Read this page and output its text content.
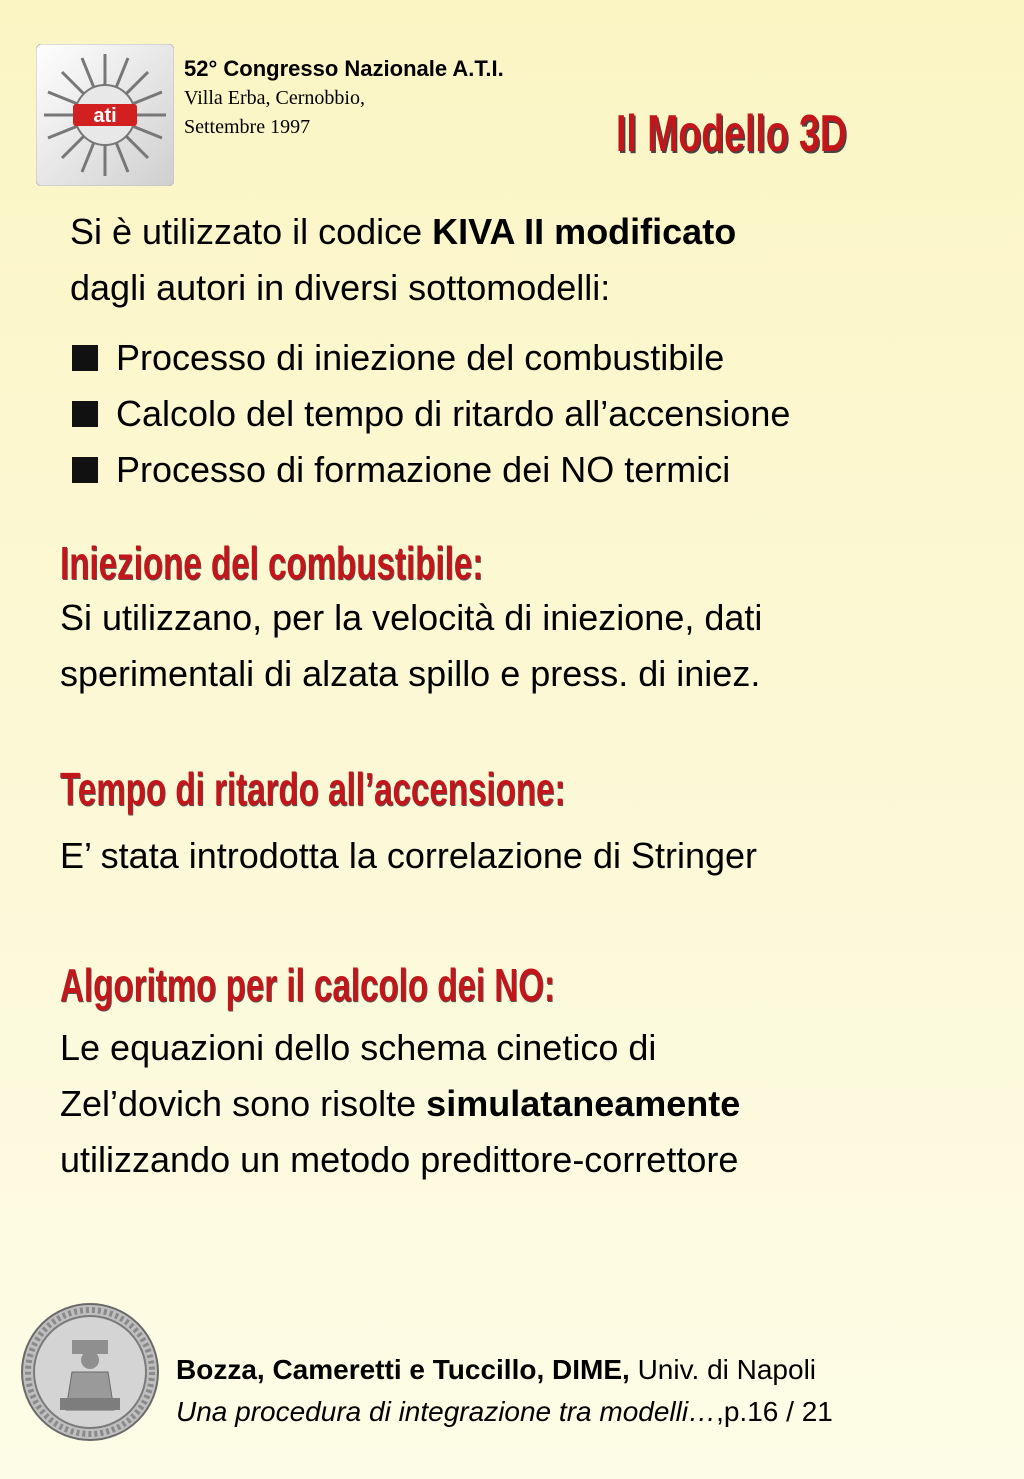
ati
52° Congresso Nazionale A.T.I.
Villa Erba, Cernobbio,
Settembre 1997	Il Modello 3D
Si è utilizzato il codice KIVA II modificato
dagli autori in diversi sottomodelli:
Processo di iniezione del combustibile
Calcolo del tempo di ritardo all’accensione
Processo di formazione dei NO termici
Iniezione del combustibile:
Si utilizzano, per la velocità di iniezione, dati
sperimentali di alzata spillo e press. di iniez.
Tempo di ritardo all’accensione:
E’ stata introdotta la correlazione di Stringer
Algoritmo per il calcolo dei NO:
Le equazioni dello schema cinetico di
Zel’dovich sono risolte simulataneamente
utilizzando un metodo predittore-correttore
Bozza, Cameretti e Tuccillo, DIME, Univ. di Napoli
Una procedura di integrazione tra modelli…,p.16 / 21
